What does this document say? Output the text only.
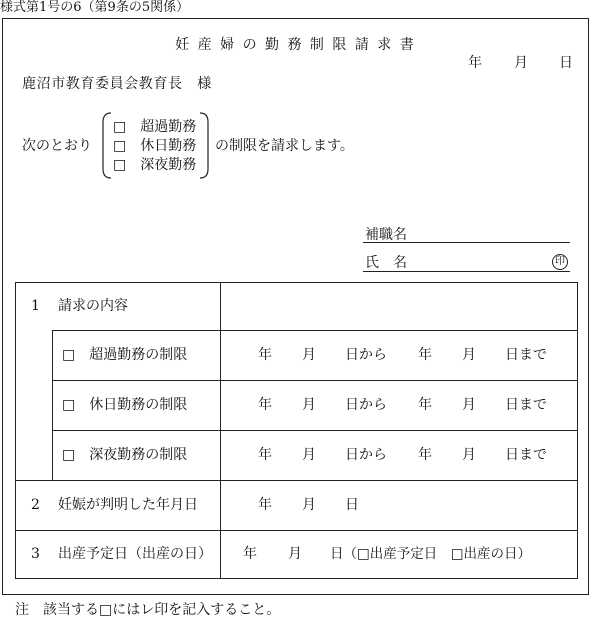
様式第1号の6（第9条の5関係）
妊 産 婦 の 勤 務 制 限 請 求 書
年 月 日
鹿沼市教育委員会教育長　様
次のとおり
□　超過勤務
□　休日勤務
□　深夜勤務
の制限を請求します。
補職名
氏　名	印
1 請求の内容
□　超過勤務の制限	年 月 日から 年 月 日まで
□　休日勤務の制限	年 月 日から 年 月 日まで
□　深夜勤務の制限	年 月 日から 年 月 日まで
2 妊娠が判明した年月日	年 月 日
3 出産予定日（出産の日） 年 月 日（□出産予定日　□出産の日）
注　該当する□にはレ印を記入すること。
